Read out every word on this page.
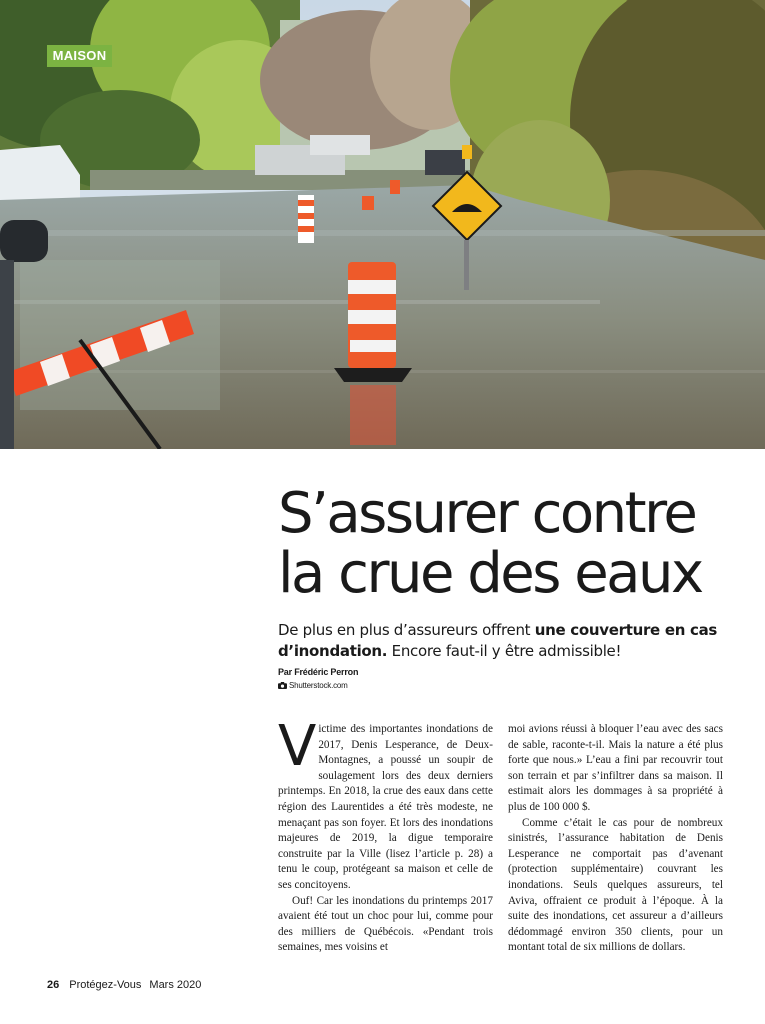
MAISON
S’assurer contre
la crue des eaux

De plus en plus d’assureurs offrent une couverture en cas d’inondation. Encore faut-il y être admissible!

Par Frédéric Perron
Shutterstock.com

Victime des importantes inondations de 2017, Denis Lesperance, de Deux-Montagnes, a poussé un soupir de soulagement lors des deux derniers printemps. En 2018, la crue des eaux dans cette région des Laurentides a été très modeste, ne menaçant pas son foyer. Et lors des inondations majeures de 2019, la digue temporaire construite par la Ville (lisez l’article p. 28) a tenu le coup, protégeant sa maison et celle de ses concitoyens.

Ouf! Car les inondations du printemps 2017 avaient été tout un choc pour lui, comme pour des milliers de Québécois. «Pendant trois semaines, mes voisins et

moi avions réussi à bloquer l’eau avec des sacs de sable, raconte-t-il. Mais la nature a été plus forte que nous.» L’eau a fini par recouvrir tout son terrain et par s’infiltrer dans sa maison. Il estimait alors les dommages à sa propriété à plus de 100 000 $.

Comme c’était le cas pour de nombreux sinistrés, l’assurance habitation de Denis Lesperance ne comportait pas d’avenant (protection supplémentaire) couvrant les inondations. Seuls quelques assureurs, tel Aviva, offraient ce produit à l’époque. À la suite des inondations, cet assureur a d’ailleurs dédommagé environ 350 clients, pour un montant total de six millions de dollars.

26 Protégez-Vous Mars 2020
